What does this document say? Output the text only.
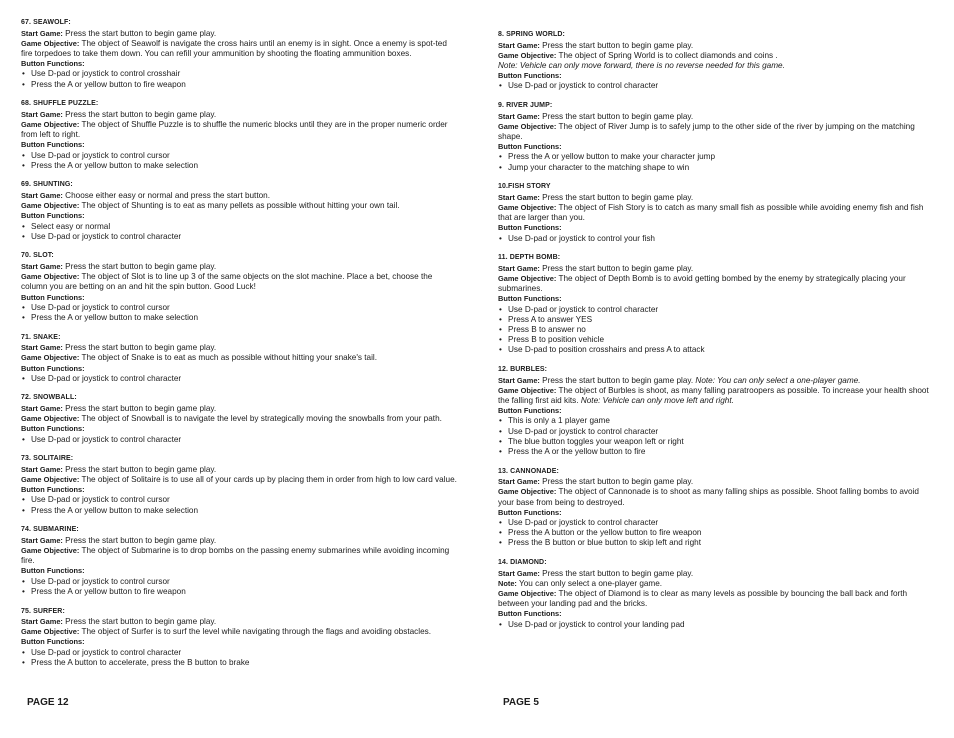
67. SEAWOLF:
Start Game: Press the start button to begin game play.
Game Objective: The object of Seawolf is navigate the cross hairs until an enemy is in sight. Once a enemy is spot-ted fire torpedoes to take them down. You can refill your ammunition by shooting the floating ammunition boxes.
Button Functions:
• Use D-pad or joystick to control crosshair
• Press the A or yellow button to fire weapon
68. SHUFFLE PUZZLE:
Start Game: Press the start button to begin game play.
Game Objective: The object of Shuffle Puzzle is to shuffle the numeric blocks until they are in the proper numeric order from left to right.
Button Functions:
• Use D-pad or joystick to control cursor
• Press the A or yellow button to make selection
69. SHUNTING:
Start Game: Choose either easy or normal and press the start button.
Game Objective: The object of Shunting is to eat as many pellets as possible without hitting your own tail.
Button Functions:
• Select easy or normal
• Use D-pad or joystick to control character
70. SLOT:
Start Game: Press the start button to begin game play.
Game Objective: The object of Slot is to line up 3 of the same objects on the slot machine. Place a bet, choose the column you are betting on an and hit the spin button. Good Luck!
Button Functions:
• Use D-pad or joystick to control cursor
• Press the A or yellow button to make selection
71. SNAKE:
Start Game: Press the start button to begin game play.
Game Objective: The object of Snake is to eat as much as possible without hitting your snake's tail.
Button Functions:
• Use D-pad or joystick to control character
72. SNOWBALL:
Start Game: Press the start button to begin game play.
Game Objective: The object of Snowball is to navigate the level by strategically moving the snowballs from your path.
Button Functions:
• Use D-pad or joystick to control character
73. SOLITAIRE:
Start Game: Press the start button to begin game play.
Game Objective: The object of Solitaire is to use all of your cards up by placing them in order from high to low card value.
Button Functions:
• Use D-pad or joystick to control cursor
• Press the A or yellow button to make selection
74. SUBMARINE:
Start Game: Press the start button to begin game play.
Game Objective: The object of Submarine is to drop bombs on the passing enemy submarines while avoiding incoming fire.
Button Functions:
• Use D-pad or joystick to control cursor
• Press the A or yellow button to fire weapon
75. SURFER:
Start Game: Press the start button to begin game play.
Game Objective: The object of Surfer is to surf the level while navigating through the flags and avoiding obstacles.
Button Functions:
• Use D-pad or joystick to control character
• Press the A button to accelerate, press the B button to brake
8. SPRING WORLD:
Start Game: Press the start button to begin game play.
Game Objective: The object of Spring World is to collect diamonds and coins .
Note: Vehicle can only move forward, there is no reverse needed for this game.
Button Functions:
• Use D-pad or joystick to control character
9. RIVER JUMP:
Start Game: Press the start button to begin game play.
Game Objective: The object of River Jump is to safely jump to the other side of the river by jumping on the matching shape.
Button Functions:
• Press the A or yellow button to make your character jump
• Jump your character to the matching shape to win
10.FISH STORY
Start Game: Press the start button to begin game play.
Game Objective: The object of Fish Story is to catch as many small fish as possible while avoiding enemy fish and fish that are larger than you.
Button Functions:
• Use D-pad or joystick to control your fish
11. DEPTH BOMB:
Start Game: Press the start button to begin game play.
Game Objective: The object of Depth Bomb is to avoid getting bombed by the enemy by strategically placing your submarines.
Button Functions:
• Use D-pad or joystick to control character
• Press A to answer YES
• Press B to answer no
• Press B to position vehicle
• Use D-pad to position crosshairs and press A to attack
12. BURBLES:
Start Game: Press the start button to begin game play. Note: You can only select a one-player game.
Game Objective: The object of Burbles is shoot, as many falling paratroopers as possible. To increase your health shoot the falling first aid kits. Note: Vehicle can only move left and right.
Button Functions:
• This is only a 1 player game
• Use D-pad or joystick to control character
• The blue button toggles your weapon left or right
• Press the A or the yellow button to fire
13. CANNONADE:
Start Game: Press the start button to begin game play.
Game Objective: The object of Cannonade is to shoot as many falling ships as possible. Shoot falling bombs to avoid your base from being to destroyed.
Button Functions:
• Use D-pad or joystick to control character
• Press the A button or the yellow button to fire weapon
• Press the B button or blue button to skip left and right
14. DIAMOND:
Start Game: Press the start button to begin game play.
Note: You can only select a one-player game.
Game Objective: The object of Diamond is to clear as many levels as possible by bouncing the ball back and forth between your landing pad and the bricks.
Button Functions:
• Use D-pad or joystick to control your landing pad
PAGE 12	PAGE 5
